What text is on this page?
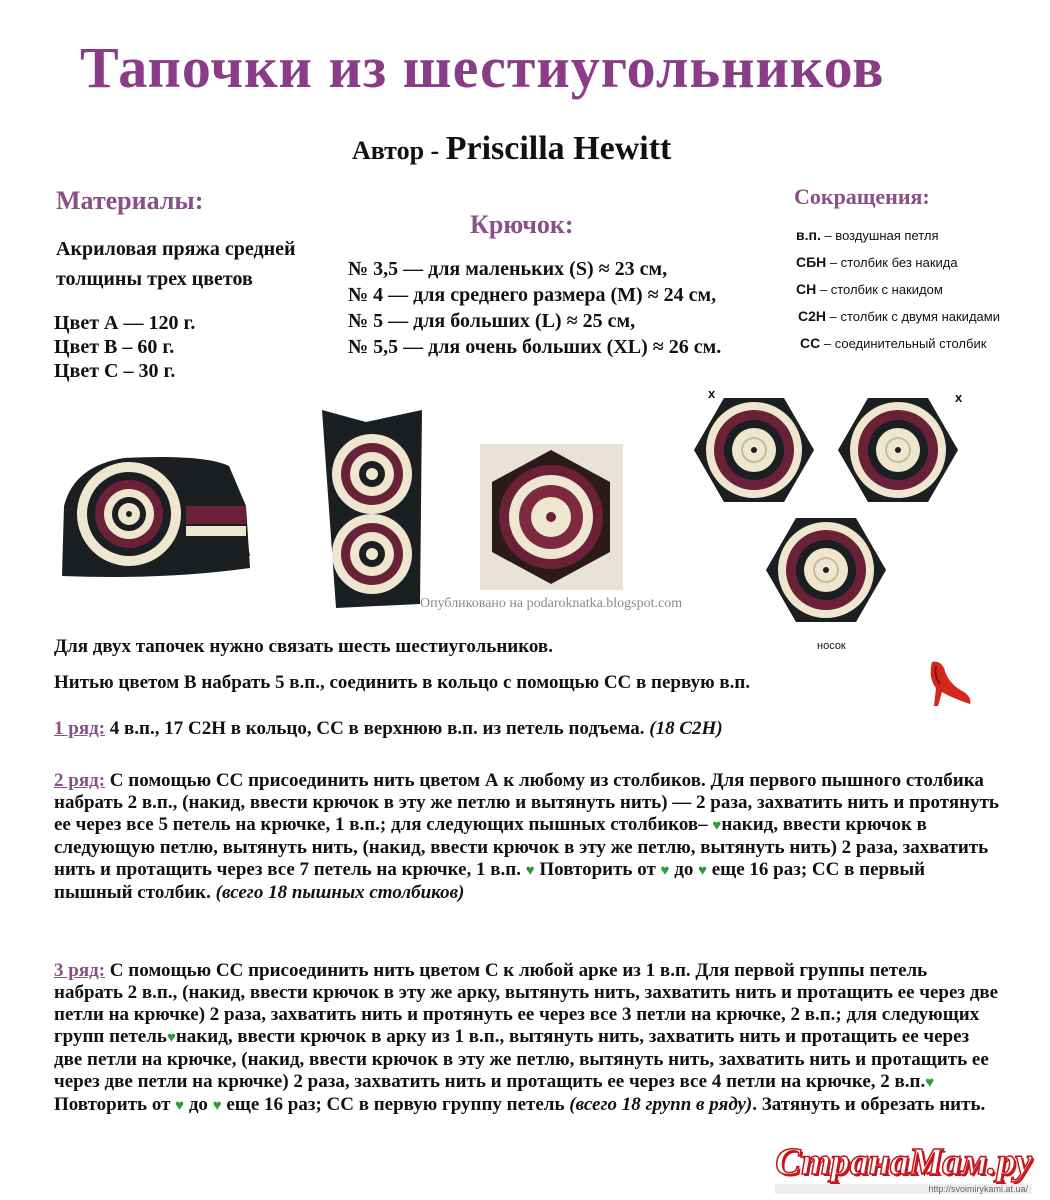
Тапочки из шестиугольников
Автор - Priscilla Hewitt
Материалы:
Акриловая пряжа средней
толщины трех цветов
Цвет А — 120 г.
Цвет В – 60 г.
Цвет С – 30 г.
Крючок:
№ 3,5 — для маленьких (S) ≈ 23 см,
№ 4 — для среднего размера (M) ≈ 24 см,
№ 5 — для больших (L) ≈ 25 см,
№ 5,5 — для очень больших (XL) ≈ 26 см.
Сокращения:
в.п. – воздушная петля
СБН – столбик без накида
СН – столбик с накидом
С2Н – столбик с двумя накидами
СС – соединительный столбик
Опубликовано на podaroknatka.blogspot.com
x	x
носок
Для двух тапочек нужно связать шесть шестиугольников.
Нитью цветом В набрать 5 в.п., соединить в кольцо с помощью СС в первую в.п.
1 ряд: 4 в.п., 17 С2Н в кольцо, СС в верхнюю в.п. из петель подъема. (18 С2Н)
2 ряд: С помощью СС присоединить нить цветом А к любому из столбиков. Для первого пышного столбика набрать 2 в.п., (накид, ввести крючок в эту же петлю и вытянуть нить) — 2 раза, захватить нить и протянуть ее через все 5 петель на крючке, 1 в.п.; для следующих пышных столбиков– ♥накид, ввести крючок в следующую петлю, вытянуть нить, (накид, ввести крючок в эту же петлю, вытянуть нить) 2 раза, захватить нить и протащить через все 7 петель на крючке, 1 в.п. ♥ Повторить от ♥ до ♥ еще 16 раз; СС в первый пышный столбик. (всего 18 пышных столбиков)
3 ряд: С помощью СС присоединить нить цветом С к любой арке из 1 в.п. Для первой группы петель набрать 2 в.п., (накид, ввести крючок в эту же арку, вытянуть нить, захватить нить и протащить ее через две петли на крючке) 2 раза, захватить нить и протянуть ее через все 3 петли на крючке, 2 в.п.; для следующих групп петель♥накид, ввести крючок в арку из 1 в.п., вытянуть нить, захватить нить и протащить ее через две петли на крючке, (накид, ввести крючок в эту же петлю, вытянуть нить, захватить нить и протащить ее через две петли на крючке) 2 раза, захватить нить и протащить ее через все 4 петли на крючке, 2 в.п.♥ Повторить от ♥ до ♥ еще 16 раз; СС в первую группу петель (всего 18 групп в ряду). Затянуть и обрезать нить.
СтранаМам.ру
http://svoimirykami.at.ua/
